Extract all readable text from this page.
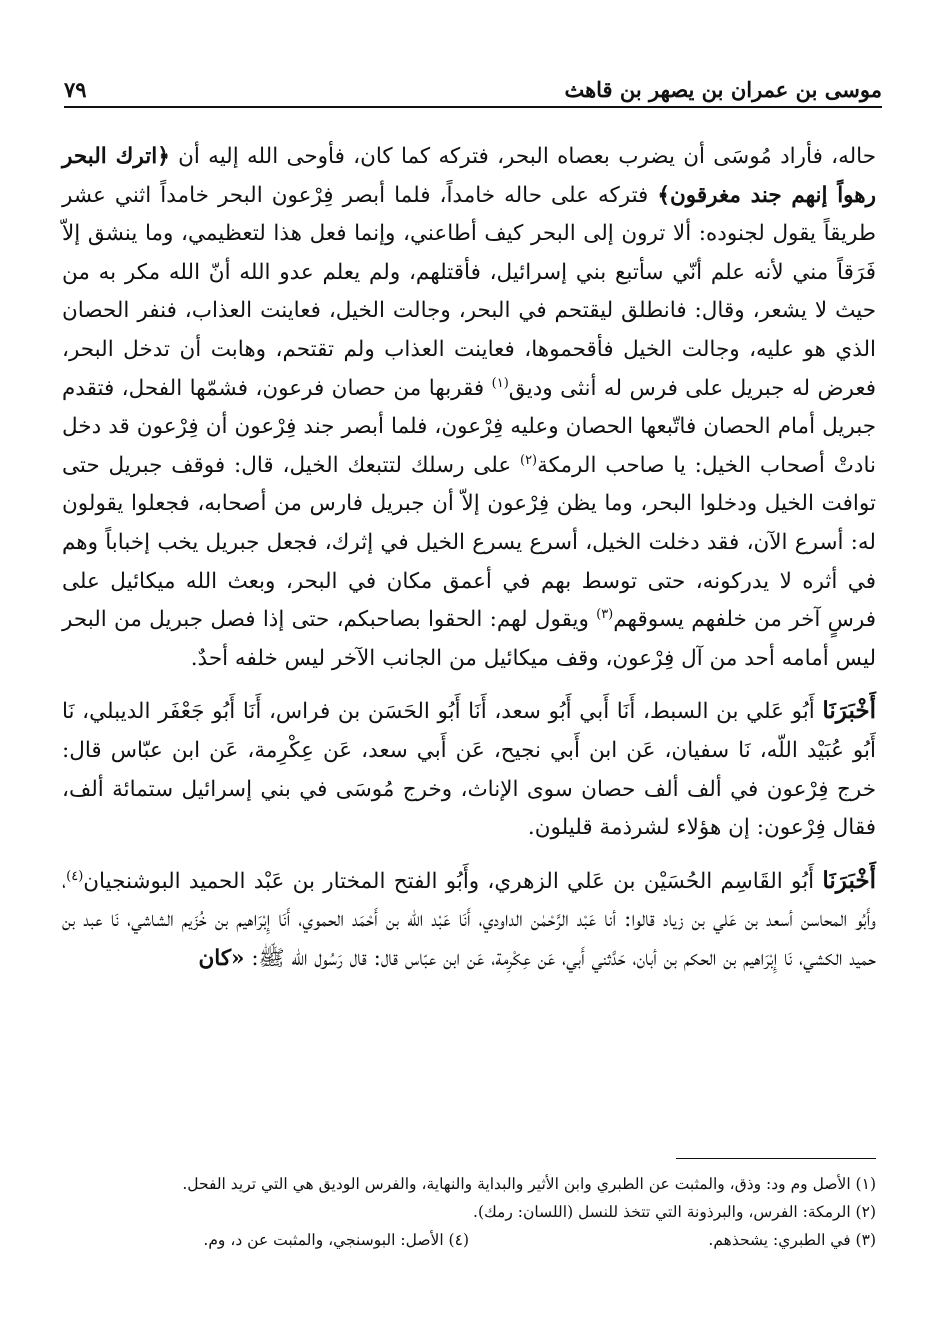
موسى بن عمران بن يصهر بن قاهث
٧٩

حاله، فأراد مُوسَى أن يضرب بعصاه البحر، فتركه كما كان، فأوحى الله إليه أن ﴿اترك البحر رهواً إنهم جند مغرقون﴾ فتركه على حاله خامداً، فلما أبصر فِرْعون البحر خامداً اثني عشر طريقاً يقول لجنوده: ألا ترون إلى البحر كيف أطاعني، وإنما فعل هذا لتعظيمي، وما ينشق إلاّ فَرَقاً مني لأنه علم أنّي سأتبع بني إسرائيل، فأقتلهم، ولم يعلم عدو الله أنّ الله مكر به من حيث لا يشعر، وقال: فانطلق ليقتحم في البحر، وجالت الخيل، فعاينت العذاب، فنفر الحصان الذي هو عليه، وجالت الخيل فأقحموها، فعاينت العذاب ولم تقتحم، وهابت أن تدخل البحر، فعرض له جبريل على فرس له أنثى وديق$^{(١)}$ فقربها من حصان فرعون، فشمّها الفحل، فتقدم جبريل أمام الحصان فاتّبعها الحصان وعليه فِرْعون، فلما أبصر جند فِرْعون أن فِرْعون قد دخل نادتْ أصحاب الخيل: يا صاحب الرمكة$^{(٢)}$ على رسلك لتتبعك الخيل، قال: فوقف جبريل حتى توافت الخيل ودخلوا البحر، وما يظن فِرْعون إلاّ أن جبريل فارس من أصحابه، فجعلوا يقولون له: أسرع الآن، فقد دخلت الخيل، أسرع يسرع الخيل في إثرك، فجعل جبريل يخب إخباباً وهم في أثره لا يدركونه، حتى توسط بهم في أعمق مكان في البحر، وبعث الله ميكائيل على فرسٍ آخر من خلفهم يسوقهم$^{(٣)}$ ويقول لهم: الحقوا بصاحبكم، حتى إذا فصل جبريل من البحر ليس أمامه أحد من آل فِرْعون، وقف ميكائيل من الجانب الآخر ليس خلفه أحدٌ.

أَخْبَرَنَا أَبُو عَلي بن السبط، أَنَا أَبي أَبُو سعد، أَنَا أَبُو الحَسَن بن فراس، أَنَا أَبُو جَعْفَر الديبلي، نَا أَبُو عُبَيْد اللّه، نَا سفيان، عَن ابن أَبي نجيح، عَن أَبي سعد، عَن عِكْرِمة، عَن ابن عبّاس قال: خرج فِرْعون في ألف ألف حصان سوى الإناث، وخرج مُوسَى في بني إسرائيل ستمائة ألف، فقال فِرْعون: إن هؤلاء لشرذمة قليلون.

أَخْبَرَنَا أَبُو القَاسِم الحُسَيْن بن عَلي الزهري، وأَبُو الفتح المختار بن عَبْد الحميد البوشنجيان$^{(٤)}$، وأَبُو المحاسن أسعد بن عَلي بن زياد قالوا: أنا عَبْد الرَّحْمٰن الداودي، أَنَا عَبْد اللّه بن أَحْمَد الحموي، أَنَا إِبْرَاهيم بن خُزَيم الشاشي، نَا عبد بن حميد الكشي، نَا إِبْرَاهيم بن الحكم بن أبان، حَدَّثني أَبي، عَن عِكْرِمة، عَن ابن عبّاس قال: قال رَسُول الله ﷺ: «كان

(١) الأصل وم ود: وذق، والمثبت عن الطبري وابن الأثير والبداية والنهاية، والفرس الوديق هي التي تريد الفحل.
(٢) الرمكة: الفرس، والبرذونة التي تتخذ للنسل (اللسان: رمك).
(٣) في الطبري: يشحذهم.
(٤) الأصل: البوسنجي، والمثبت عن د، وم.
